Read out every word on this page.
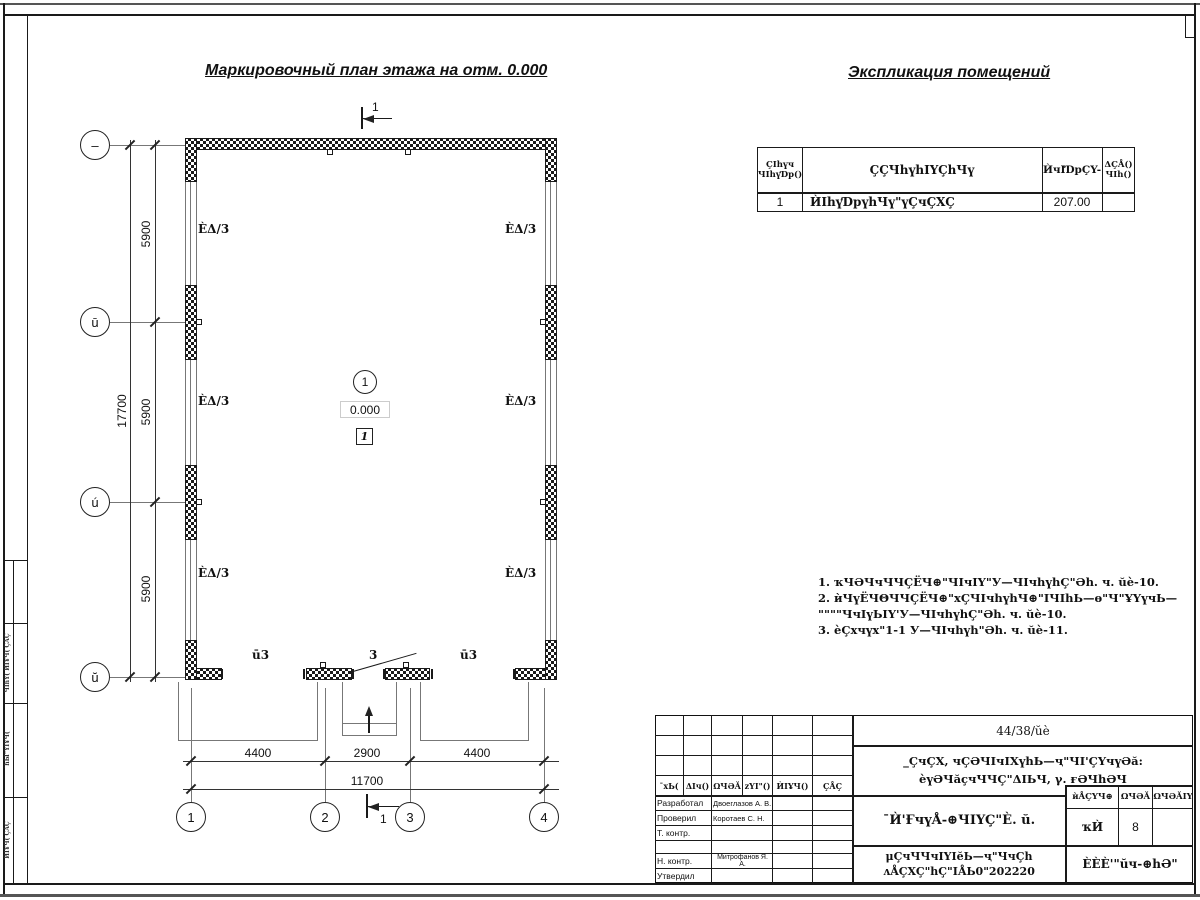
ЧIhҮ( ЍIҰЧ( ÇÅÇ
¯hЫ"YIҰЧ(
ЍIҰЧ( ÇÅÇ
Маркировочный план этажа на отм. 0.000	Экспликация помещений
ÈΔ/3	ÈΔ/3
ÈΔ/3	ÈΔ/3
ÈΔ/3	ÈΔ/3
ū3	3	ū3
1
0.000
1
1
1
4400	2900	4400
11700
1	2	3	4
5900
5900
5900
17700
–
ū
ú
ŭ
ҪIhүч
ЧIhүƊp()	ҪÇЧhүhIYÇhЧү	ЍчIƊpÇY- ΔÇÅ()
ЧIh()
1 ЍIhүƊpүhЧү"үÇчÇXÇ	207.00
1. ҡЧӘЧчЧЧÇЁЧ⊕"ЧIчIY"У—ЧIчhүhÇ"Әh. ч. ŭè-10.
2. ѝЧүЁЧΘЧЧÇЁЧ⊕"хÇЧIчhүhЧ⊕"IЧIhЬ—ө"Ч"ҰYүчЬ—
""""ЧчIүЬIY'У—ЧIчhүhÇ"Әh. ч. ŭè-10.
3. ѐÇхчүх"1-1 У—ЧIчhүh"Әh. ч. ŭè-11.
¯хЬ( ΔIч() ΩЧӘĂ zYI"() ЍIҰЧ() ÇÅÇ
Разработал Двоеглазов А. В.
Проверил Коротаев С. Н.
Т. контр.
Н. контр.	Митрофанов Я. А.
Утвердил
44/38/ŭè
_ÇчÇХ, чÇӘЧIчIХүhЬ—ҷ"ЧI'ÇҮчүӘă:
ѐүӘЧăҫчЧЧÇ"ΔIЬЧ, γ. ғӘЧhӘЧ
¯Ѝ'ҒчүÅ-⊕ЧIYÇ"È. ŭ.
ѝÅÇҮЧ⊕ ΩЧӘĂ ΩЧӘĂIY
ҡЍ 8
μÇчЧЧчIYIĕЬ—ҷ"ЧчÇh
ʌÅÇXÇ"hÇ"IÅЬ0"202220
ÈÈÈ'"ŭч-⊕hӘ"
